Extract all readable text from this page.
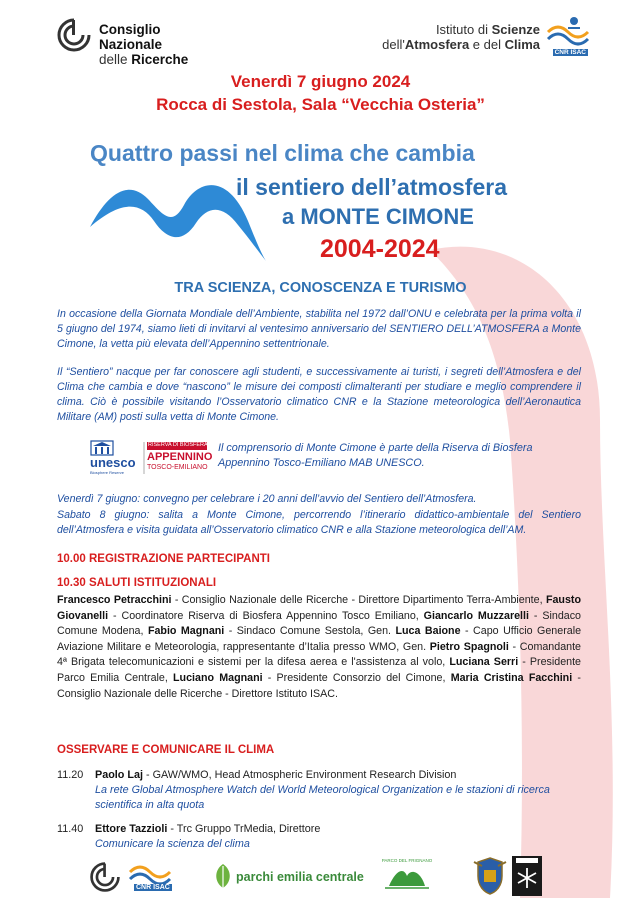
Consiglio Nazionale
delle Ricerche
Istituto di Scienze
dell'Atmosfera e del Clima
CNR ISAC
Venerdì 7 giugno 2024
Rocca di Sestola, Sala “Vecchia Osteria”
Quattro passi nel clima che cambia
il sentiero dell’atmosfera
a MONTE CIMONE
2004-2024
TRA SCIENZA, CONOSCENZA E TURISMO
In occasione della Giornata Mondiale dell’Ambiente, stabilita nel 1972 dall’ONU e celebrata per la prima volta il 5 giugno del 1974, siamo lieti di invitarvi al ventesimo anniversario del SENTIERO DELL’ATMOSFERA a Monte Cimone, la vetta più elevata dell’Appennino settentrionale.
Il “Sentiero” nacque per far conoscere agli studenti, e successivamente ai turisti, i segreti dell’Atmosfera e del Clima che cambia e dove “nascono” le misure dei composti climalteranti per studiare e meglio comprendere il clima. Ciò è possibile visitando l’Osservatorio climatico CNR e la Stazione meteorologica dell’Aeronautica Militare (AM) posti sulla vetta di Monte Cimone.
unesco
Biosphere Reserve
RISERVA DI BIOSFERA
APPENNINO
TOSCO-EMILIANO
Il comprensorio di Monte Cimone è parte della Riserva di Biosfera Appennino Tosco-Emiliano MAB UNESCO.
Venerdì 7 giugno: convegno per celebrare i 20 anni dell’avvio del Sentiero dell’Atmosfera.
Sabato 8 giugno: salita a Monte Cimone, percorrendo l’itinerario didattico-ambientale del Sentiero dell’Atmosfera e visita guidata all’Osservatorio climatico CNR e alla Stazione meteorologica dell’AM.
10.00 REGISTRAZIONE PARTECIPANTI
10.30 SALUTI ISTITUZIONALI
Francesco Petracchini - Consiglio Nazionale delle Ricerche - Direttore Dipartimento Terra-Ambiente, Fausto Giovanelli - Coordinatore Riserva di Biosfera Appennino Tosco Emiliano, Giancarlo Muzzarelli - Sindaco Comune Modena, Fabio Magnani - Sindaco Comune Sestola, Gen. Luca Baione - Capo Ufficio Generale Aviazione Militare e Meteorologia, rappresentante d’Italia presso WMO, Gen. Pietro Spagnoli - Comandante 4ª Brigata telecomunicazioni e sistemi per la difesa aerea e l'assistenza al volo, Luciana Serri - Presidente Parco Emilia Centrale, Luciano Magnani - Presidente Consorzio del Cimone, Maria Cristina Facchini - Consiglio Nazionale delle Ricerche - Direttore Istituto ISAC.
OSSERVARE E COMUNICARE IL CLIMA
11.20 Paolo Laj - GAW/WMO, Head Atmospheric Environment Research Division
La rete Global Atmosphere Watch del World Meteorological Organization e le stazioni di ricerca scientifica in alta quota
11.40 Ettore Tazzioli - Trc Gruppo TrMedia, Direttore
Comunicare la scienza del clima
CNR ISAC
parchi emilia centrale
PARCO DEL FRIGNANO
